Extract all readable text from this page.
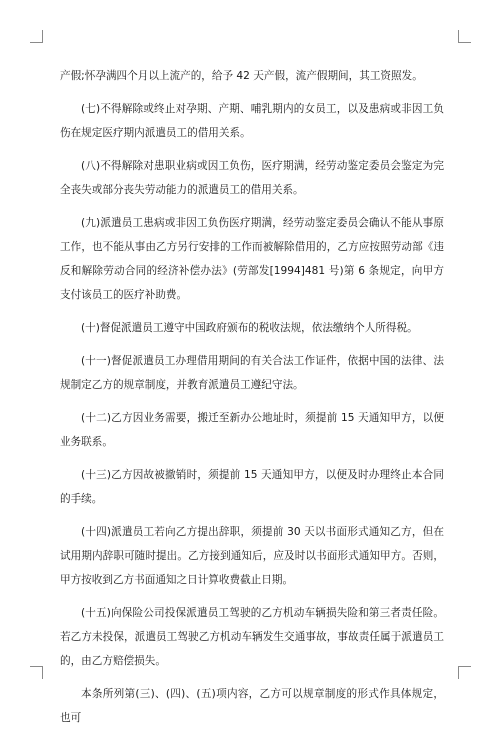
产假;怀孕满四个月以上流产的，给予 42 天产假，流产假期间，其工资照发。

(七)不得解除或终止对孕期、产期、哺乳期内的女员工，以及患病或非因工负伤在规定医疗期内派遣员工的借用关系。

(八)不得解除对患职业病或因工负伤，医疗期满，经劳动鉴定委员会鉴定为完全丧失或部分丧失劳动能力的派遣员工的借用关系。

(九)派遣员工患病或非因工负伤医疗期满，经劳动鉴定委员会确认不能从事原工作，也不能从事由乙方另行安排的工作而被解除借用的，乙方应按照劳动部《违反和解除劳动合同的经济补偿办法》(劳部发[1994]481 号)第 6 条规定，向甲方支付该员工的医疗补助费。

(十)督促派遣员工遵守中国政府颁布的税收法规，依法缴纳个人所得税。

(十一)督促派遣员工办理借用期间的有关合法工作证件，依据中国的法律、法规制定乙方的规章制度，并教育派遣员工遵纪守法。

(十二)乙方因业务需要，搬迁至新办公地址时，须提前 15 天通知甲方，以便业务联系。

(十三)乙方因故被撤销时，须提前 15 天通知甲方，以便及时办理终止本合同的手续。

(十四)派遣员工若向乙方提出辞职，须提前 30 天以书面形式通知乙方，但在试用期内辞职可随时提出。乙方接到通知后，应及时以书面形式通知甲方。否则，甲方按收到乙方书面通知之日计算收费截止日期。

(十五)向保险公司投保派遣员工驾驶的乙方机动车辆损失险和第三者责任险。若乙方未投保，派遣员工驾驶乙方机动车辆发生交通事故，事故责任属于派遣员工的，由乙方赔偿损失。

本条所列第(三)、(四)、(五)项内容，乙方可以规章制度的形式作具体规定，也可
